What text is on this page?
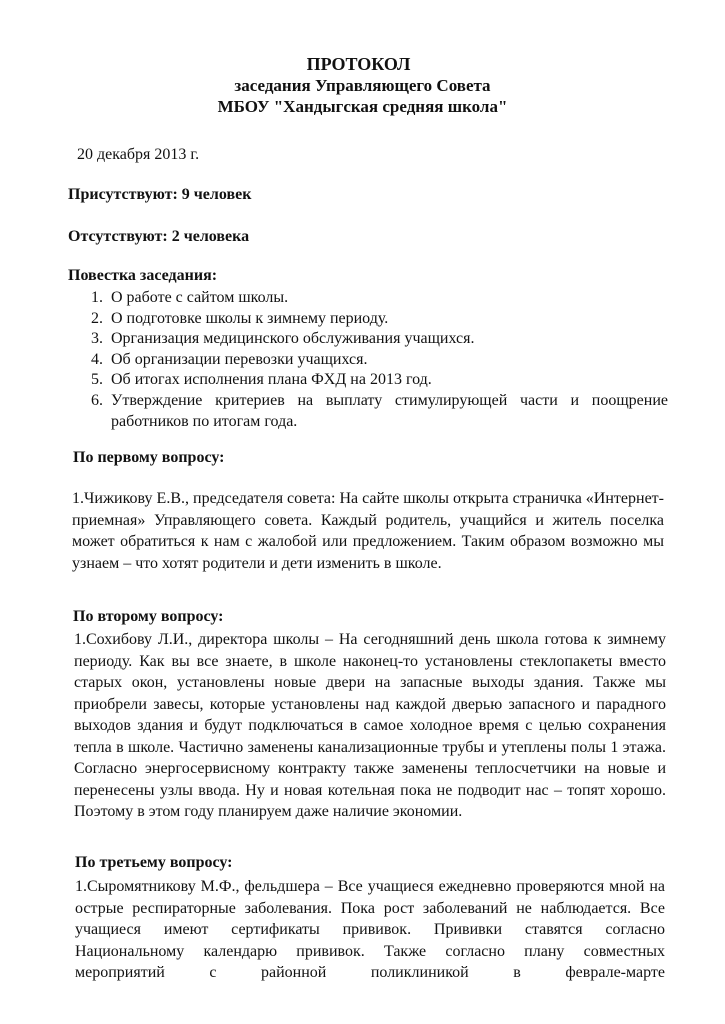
ПРОТОКОЛ

заседания Управляющего Совета

МБОУ "Хандыгская средняя школа"

20 декабря 2013 г.
Присутствуют: 9 человек
Отсутствуют: 2 человека

Повестка заседания:

1. О работе с сайтом школы.
2. О подготовке школы к зимнему периоду.
3. Организация медицинского обслуживания учащихся.
4. Об организации перевозки учащихся.
5. Об итогах исполнения плана ФХД на 2013 год.
6. Утверждение критериев на выплату стимулирующей части и поощрение работников по итогам года.
По первому вопросу:
1.Чижикову Е.В., председателя совета: На сайте школы открыта страничка «Интернет-приемная» Управляющего совета. Каждый родитель, учащийся и житель поселка может обратиться к нам с жалобой или предложением. Таким образом возможно мы узнаем – что хотят родители и дети изменить в школе.
По второму вопросу:
1.Сохибову Л.И., директора школы – На сегодняшний день школа готова к зимнему периоду. Как вы все знаете, в школе наконец-то установлены стеклопакеты вместо старых окон, установлены новые двери на запасные выходы здания. Также мы приобрели завесы, которые установлены над каждой дверью запасного и парадного выходов здания и будут подключаться в самое холодное время с целью сохранения тепла в школе. Частично заменены канализационные трубы и утеплены полы 1 этажа. Согласно энергосервисному контракту также заменены теплосчетчики на новые и перенесены узлы ввода. Ну и новая котельная пока не подводит нас – топят хорошо. Поэтому в этом году планируем даже наличие экономии.
По третьему вопросу:
1.Сыромятникову М.Ф., фельдшера – Все учащиеся ежедневно проверяются мной на острые респираторные заболевания. Пока рост заболеваний не наблюдается. Все учащиеся имеют сертификаты прививок. Прививки ставятся согласно Национальному календарю прививок. Также согласно плану совместных мероприятий с районной поликлиникой в феврале-марте
